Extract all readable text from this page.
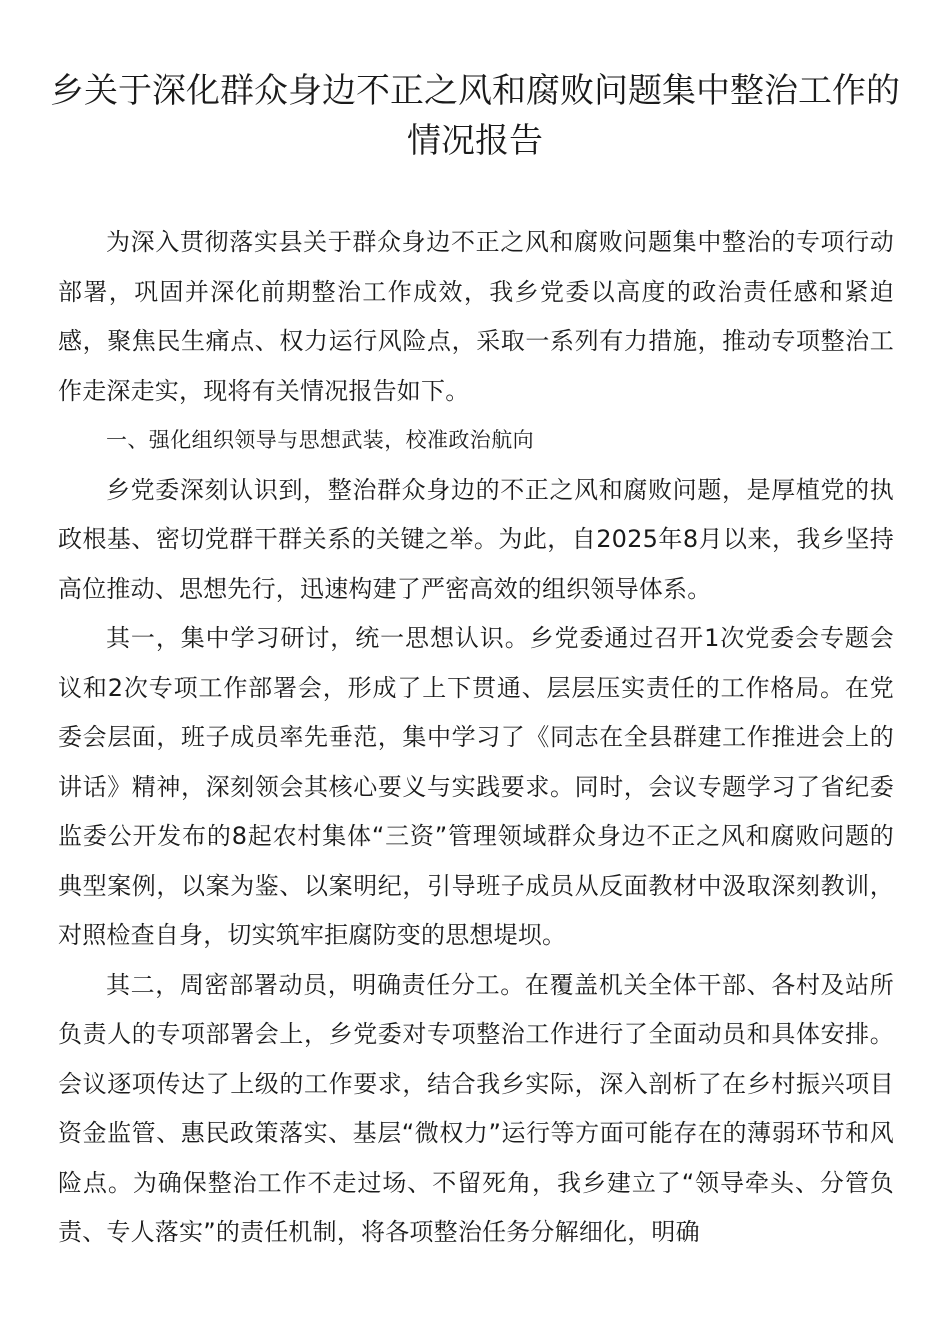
乡关于深化群众身边不正之风和腐败问题集中整治工作的情况报告

为深入贯彻落实县关于群众身边不正之风和腐败问题集中整治的专项行动部署，巩固并深化前期整治工作成效，我乡党委以高度的政治责任感和紧迫感，聚焦民生痛点、权力运行风险点，采取一系列有力措施，推动专项整治工作走深走实，现将有关情况报告如下。

一、强化组织领导与思想武装，校准政治航向

乡党委深刻认识到，整治群众身边的不正之风和腐败问题，是厚植党的执政根基、密切党群干群关系的关键之举。为此，自2025年8月以来，我乡坚持高位推动、思想先行，迅速构建了严密高效的组织领导体系。

其一，集中学习研讨，统一思想认识。乡党委通过召开1次党委会专题会议和2次专项工作部署会，形成了上下贯通、层层压实责任的工作格局。在党委会层面，班子成员率先垂范，集中学习了《同志在全县群建工作推进会上的讲话》精神，深刻领会其核心要义与实践要求。同时，会议专题学习了省纪委监委公开发布的8起农村集体“三资”管理领域群众身边不正之风和腐败问题的典型案例，以案为鉴、以案明纪，引导班子成员从反面教材中汲取深刻教训，对照检查自身，切实筑牢拒腐防变的思想堤坝。

其二，周密部署动员，明确责任分工。在覆盖机关全体干部、各村及站所负责人的专项部署会上，乡党委对专项整治工作进行了全面动员和具体安排。会议逐项传达了上级的工作要求，结合我乡实际，深入剖析了在乡村振兴项目资金监管、惠民政策落实、基层“微权力”运行等方面可能存在的薄弱环节和风险点。为确保整治工作不走过场、不留死角，我乡建立了“领导牵头、分管负责、专人落实”的责任机制，将各项整治任务分解细化，明确
